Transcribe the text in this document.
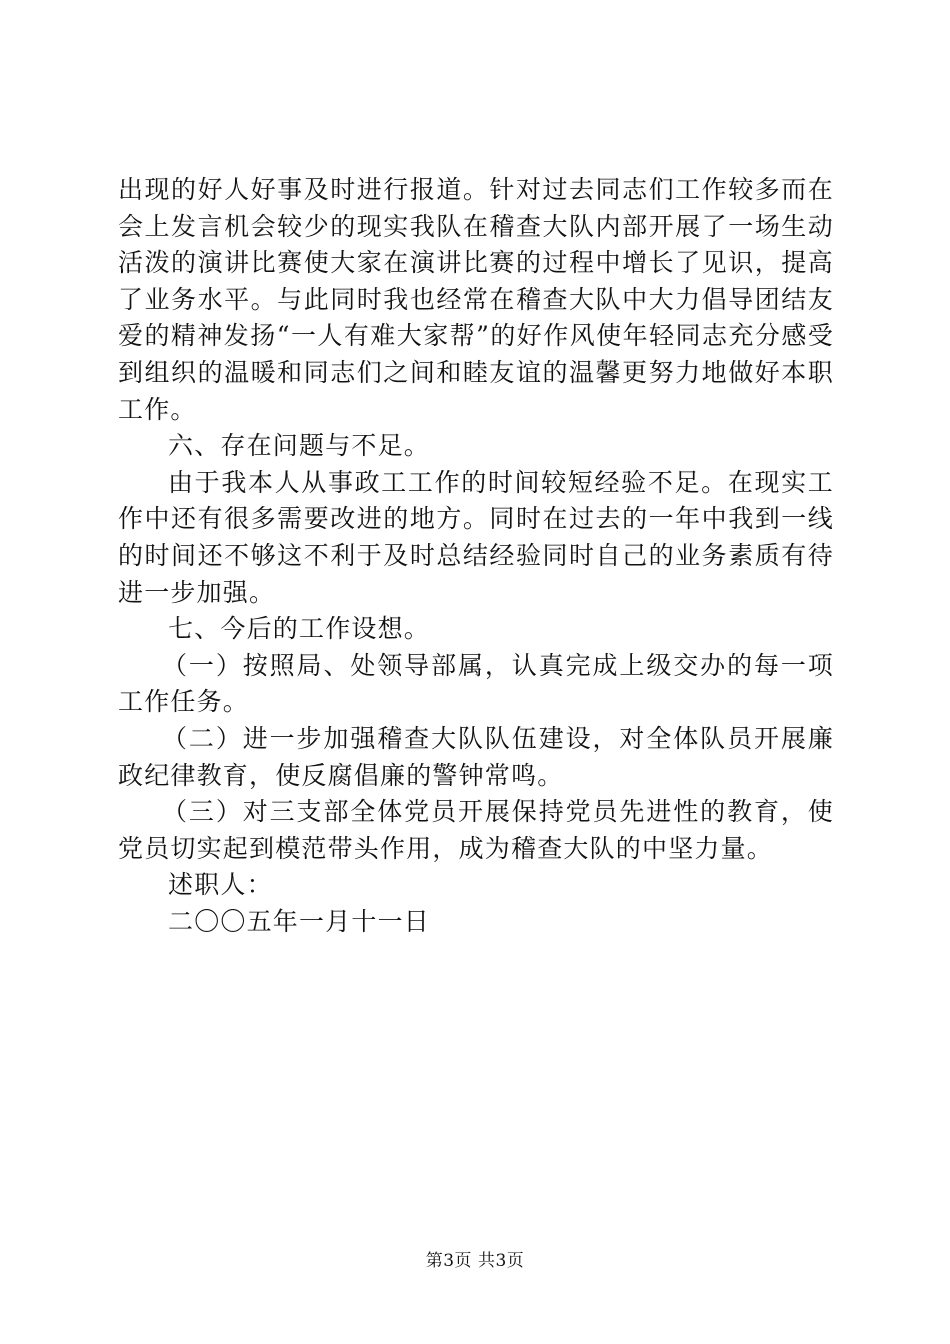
出现的好人好事及时进行报道。针对过去同志们工作较多而在会上发言机会较少的现实我队在稽查大队内部开展了一场生动活泼的演讲比赛使大家在演讲比赛的过程中增长了见识，提高了业务水平。与此同时我也经常在稽查大队中大力倡导团结友爱的精神发扬“一人有难大家帮”的好作风使年轻同志充分感受到组织的温暖和同志们之间和睦友谊的温馨更努力地做好本职工作。

六、存在问题与不足。

由于我本人从事政工工作的时间较短经验不足。在现实工作中还有很多需要改进的地方。同时在过去的一年中我到一线的时间还不够这不利于及时总结经验同时自己的业务素质有待进一步加强。

七、今后的工作设想。

（一）按照局、处领导部属，认真完成上级交办的每一项工作任务。

（二）进一步加强稽查大队队伍建设，对全体队员开展廉政纪律教育，使反腐倡廉的警钟常鸣。

（三）对三支部全体党员开展保持党员先进性的教育，使党员切实起到模范带头作用，成为稽查大队的中坚力量。

述职人：

二〇〇五年一月十一日

第3页 共3页
